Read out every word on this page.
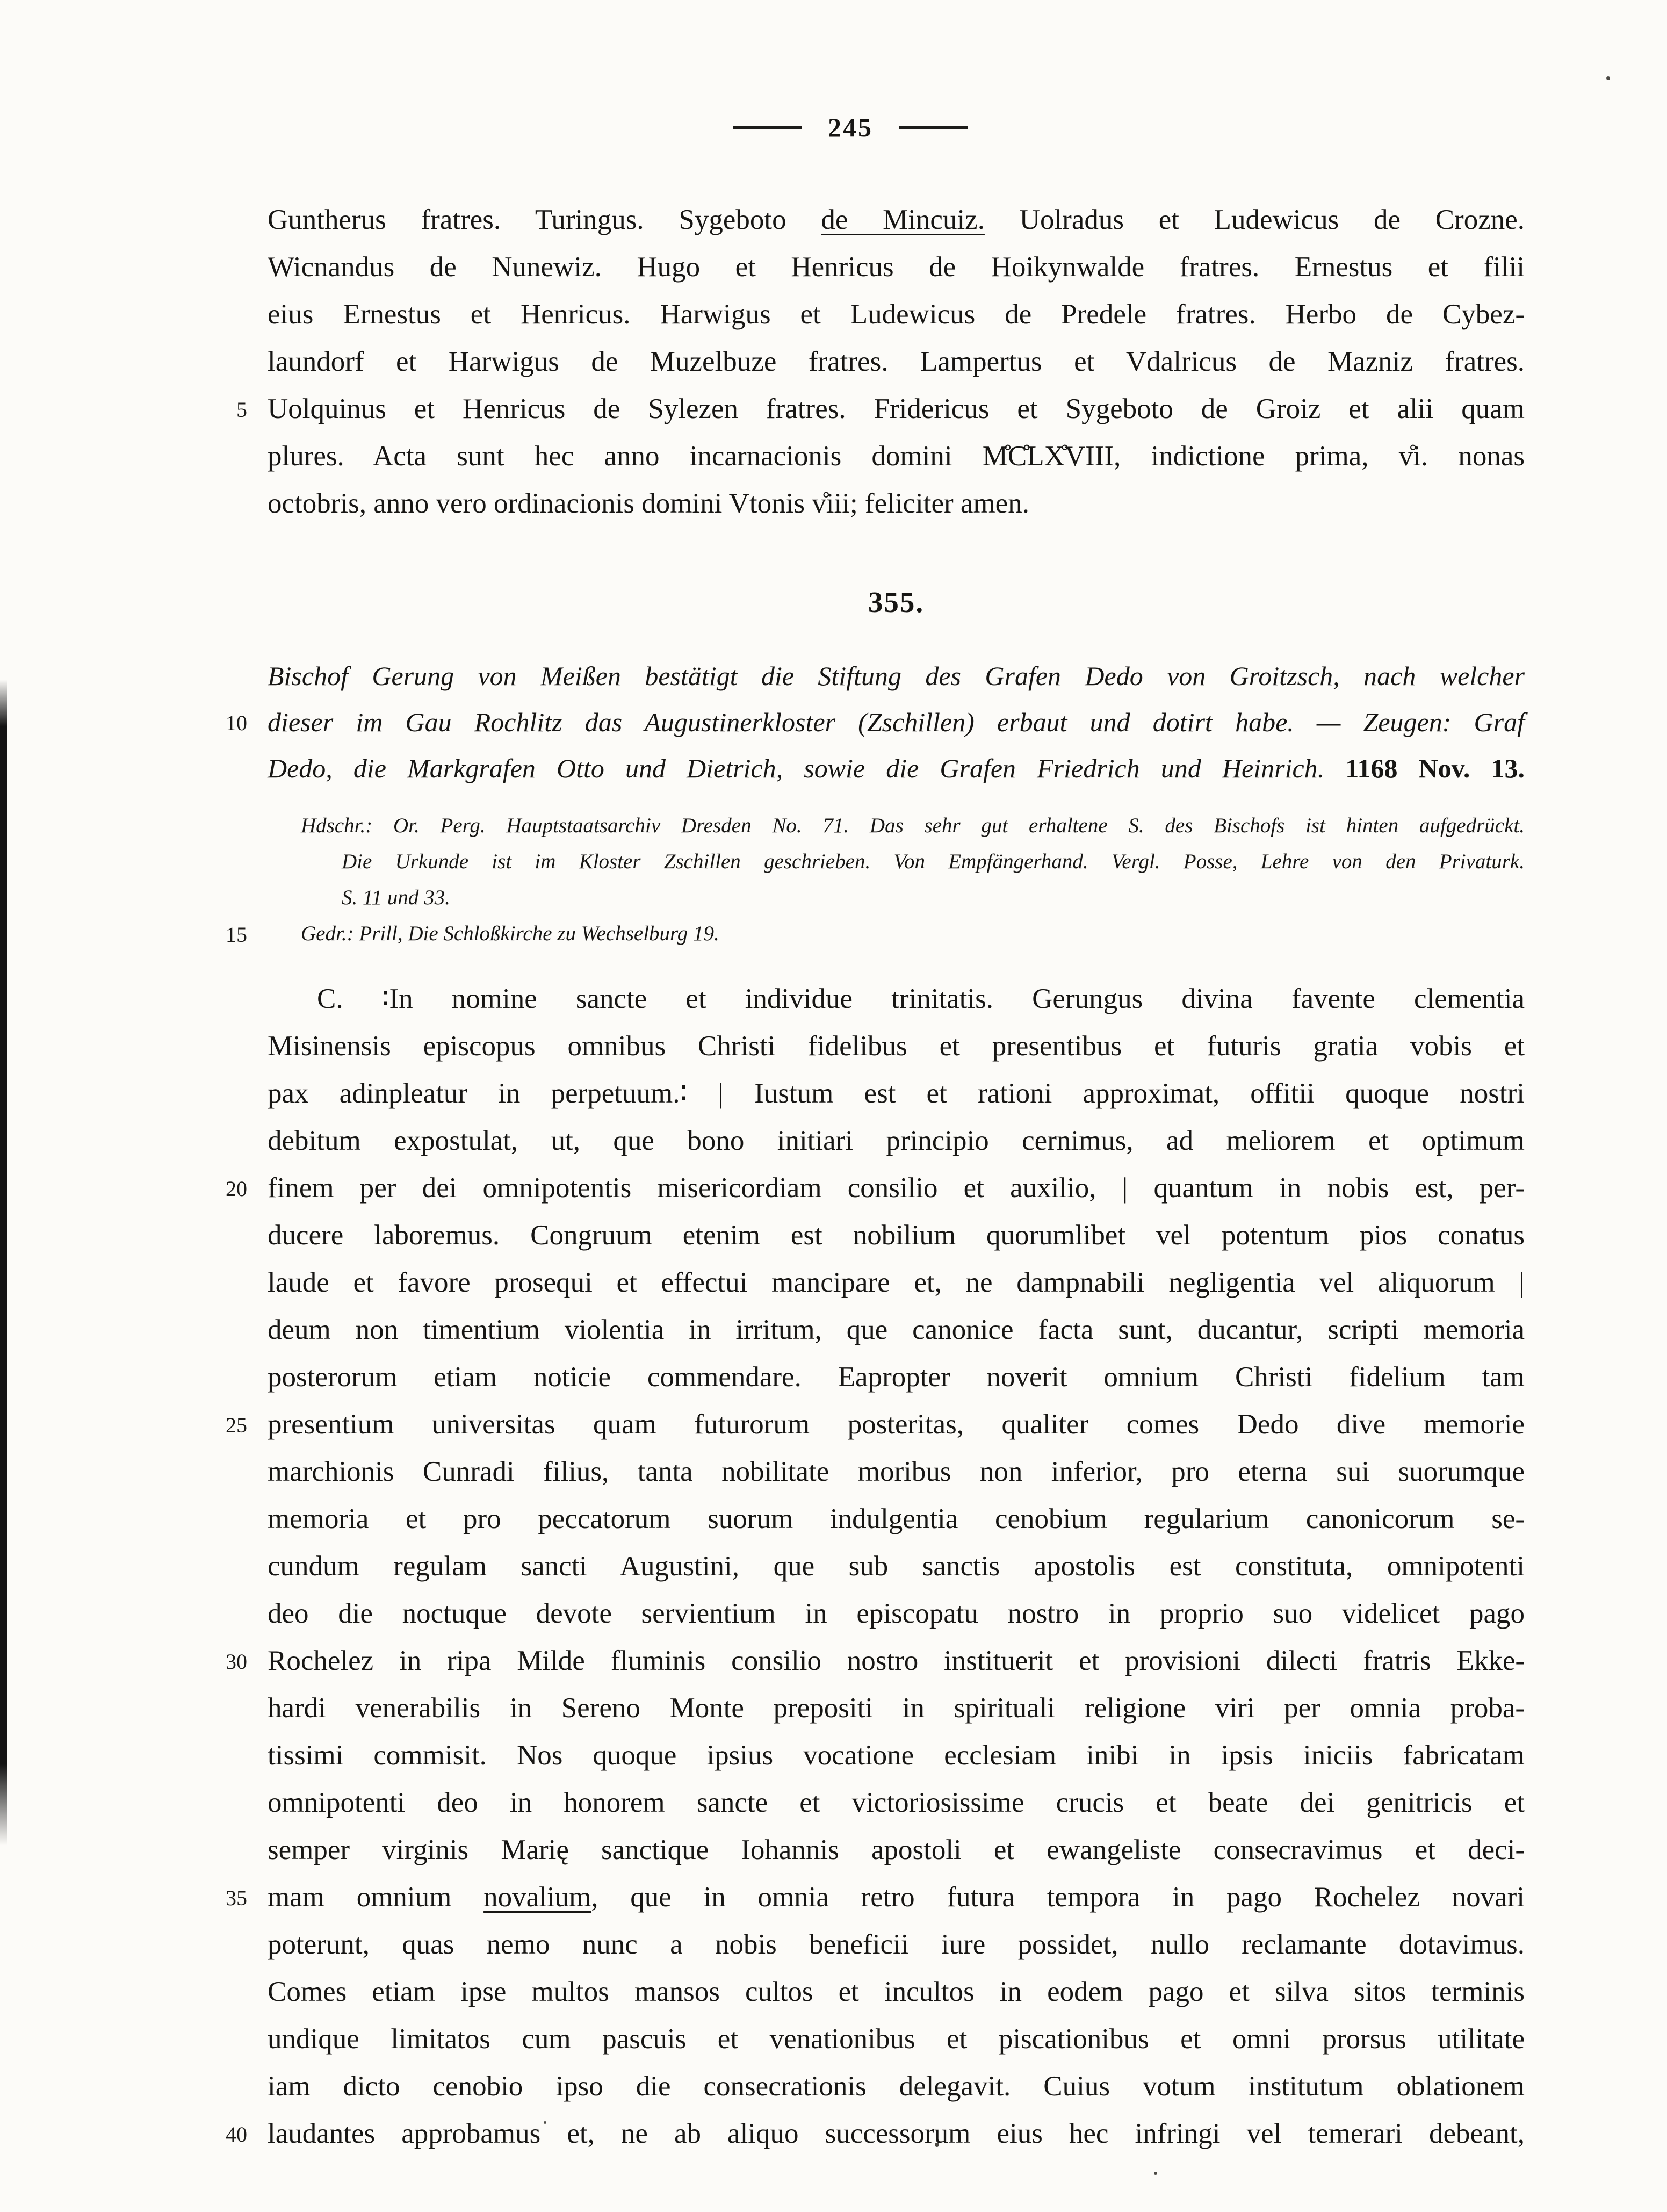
245
Guntherus fratres. Turingus. Sygeboto de Mincuiz. Uolradus et Ludewicus de Crozne.
Wicnandus de Nunewiz. Hugo et Henricus de Hoikynwalde fratres. Ernestus et filii
eius Ernestus et Henricus. Harwigus et Ludewicus de Predele fratres. Herbo de Cybez-
laundorf et Harwigus de Muzelbuze fratres. Lampertus et Vdalricus de Mazniz fratres.
5 Uolquinus et Henricus de Sylezen fratres. Fridericus et Sygeboto de Groiz et alii quam
plures. Acta sunt hec anno incarnacionis domini M̊C̊LX̊VIII, indictione prima, v̊i. nonas
octobris, anno vero ordinacionis domini Vtonis v̊iii; feliciter amen.
355.
Bischof Gerung von Meißen bestätigt die Stiftung des Grafen Dedo von Groitzsch, nach welcher
10 dieser im Gau Rochlitz das Augustinerkloster (Zschillen) erbaut und dotirt habe. — Zeugen: Graf
Dedo, die Markgrafen Otto und Dietrich, sowie die Grafen Friedrich und Heinrich. 1168 Nov. 13.
Hdschr.: Or. Perg. Hauptstaatsarchiv Dresden No. 71. Das sehr gut erhaltene S. des Bischofs ist hinten aufgedrückt.
Die Urkunde ist im Kloster Zschillen geschrieben. Von Empfängerhand. Vergl. Posse, Lehre von den Privaturk.
S. 11 und 33.
15	Gedr.: Prill, Die Schloßkirche zu Wechselburg 19.
C. ∶In nomine sancte et individue trinitatis. Gerungus divina favente clementia
Misinensis episcopus omnibus Christi fidelibus et presentibus et futuris gratia vobis et
pax adinpleatur in perpetuum.∶ | Iustum est et rationi approximat, offitii quoque nostri
debitum expostulat, ut, que bono initiari principio cernimus, ad meliorem et optimum
20 finem per dei omnipotentis misericordiam consilio et auxilio, | quantum in nobis est, per-
ducere laboremus. Congruum etenim est nobilium quorumlibet vel potentum pios conatus
laude et favore prosequi et effectui mancipare et, ne dampnabili negligentia vel aliquorum |
deum non timentium violentia in irritum, que canonice facta sunt, ducantur, scripti memoria
posterorum etiam noticie commendare. Eapropter noverit omnium Christi fidelium tam
25 presentium universitas quam futurorum posteritas, qualiter comes Dedo dive memorie
marchionis Cunradi filius, tanta nobilitate moribus non inferior, pro eterna sui suorumque
memoria et pro peccatorum suorum indulgentia cenobium regularium canonicorum se-
cundum regulam sancti Augustini, que sub sanctis apostolis est constituta, omnipotenti
deo die noctuque devote servientium in episcopatu nostro in proprio suo videlicet pago
30 Rochelez in ripa Milde fluminis consilio nostro instituerit et provisioni dilecti fratris Ekke-
hardi venerabilis in Sereno Monte prepositi in spirituali religione viri per omnia proba-
tissimi commisit. Nos quoque ipsius vocatione ecclesiam inibi in ipsis iniciis fabricatam
omnipotenti deo in honorem sancte et victoriosissime crucis et beate dei genitricis et
semper virginis Marię sanctique Iohannis apostoli et ewangeliste consecravimus et deci-
35 mam omnium novalium, que in omnia retro futura tempora in pago Rochelez novari
poterunt, quas nemo nunc a nobis beneficii iure possidet, nullo reclamante dotavimus.
Comes etiam ipse multos mansos cultos et incultos in eodem pago et silva sitos terminis
undique limitatos cum pascuis et venationibus et piscationibus et omni prorsus utilitate
iam dicto cenobio ipso die consecrationis delegavit. Cuius votum institutum oblationem
40 laudantes approbamus et, ne ab aliquo successorum eius hec infringi vel temerari debeant,
